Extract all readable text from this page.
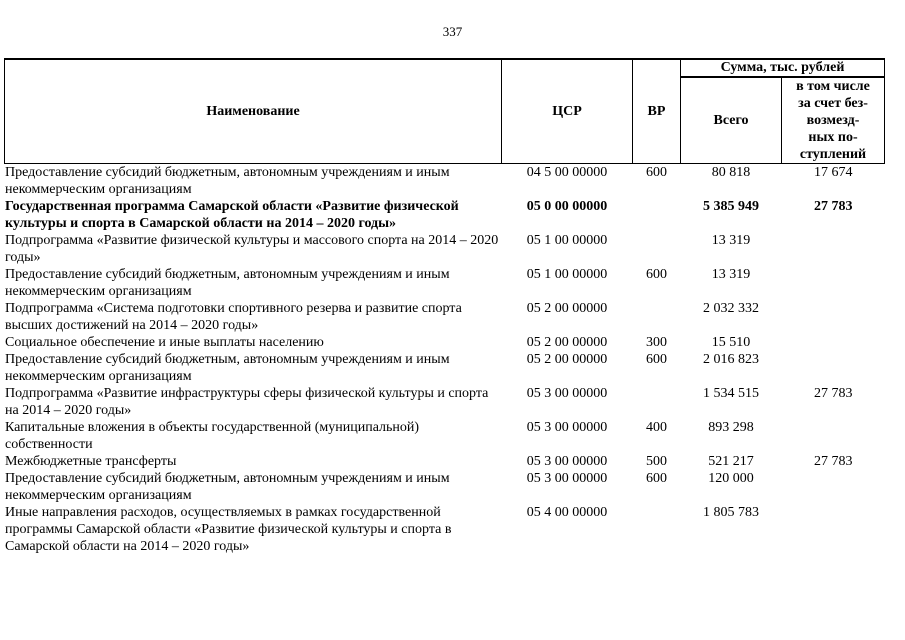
337
Наименование	ЦСР	ВР	Сумма, тыс. рублей	
			Всего	в том числе
за счет без-
возмезд-
ных по-
ступлений

Предоставление субсидий бюджетным, автономным учреждениям и иным некоммерческим организациям	04 5 00 00000	600	80 818	17 674
Государственная программа Самарской области «Развитие физической культуры и спорта в Самарской области на 2014 – 2020 годы»	05 0 00 00000		5 385 949	27 783
Подпрограмма «Развитие физической культуры и массового спорта на 2014 – 2020 годы»	05 1 00 00000		13 319	
Предоставление субсидий бюджетным, автономным учреждениям и иным некоммерческим организациям	05 1 00 00000	600	13 319	
Подпрограмма «Система подготовки спортивного резерва и развитие спорта высших достижений на 2014 – 2020 годы»	05 2 00 00000		2 032 332	
Социальное обеспечение и иные выплаты населению	05 2 00 00000	300	15 510	
Предоставление субсидий бюджетным, автономным учреждениям и иным некоммерческим организациям	05 2 00 00000	600	2 016 823	
Подпрограмма «Развитие инфраструктуры сферы физической культуры и спорта на 2014 – 2020 годы»	05 3 00 00000		1 534 515	27 783
Капитальные вложения в объекты государственной (муниципальной) собственности	05 3 00 00000	400	893 298	
Межбюджетные трансферты	05 3 00 00000	500	521 217	27 783
Предоставление субсидий бюджетным, автономным учреждениям и иным некоммерческим организациям	05 3 00 00000	600	120 000	
Иные направления расходов, осуществляемых в рамках государственной программы Самарской области «Развитие физической культуры и спорта в Самарской области на 2014 – 2020 годы»	05 4 00 00000		1 805 783	
